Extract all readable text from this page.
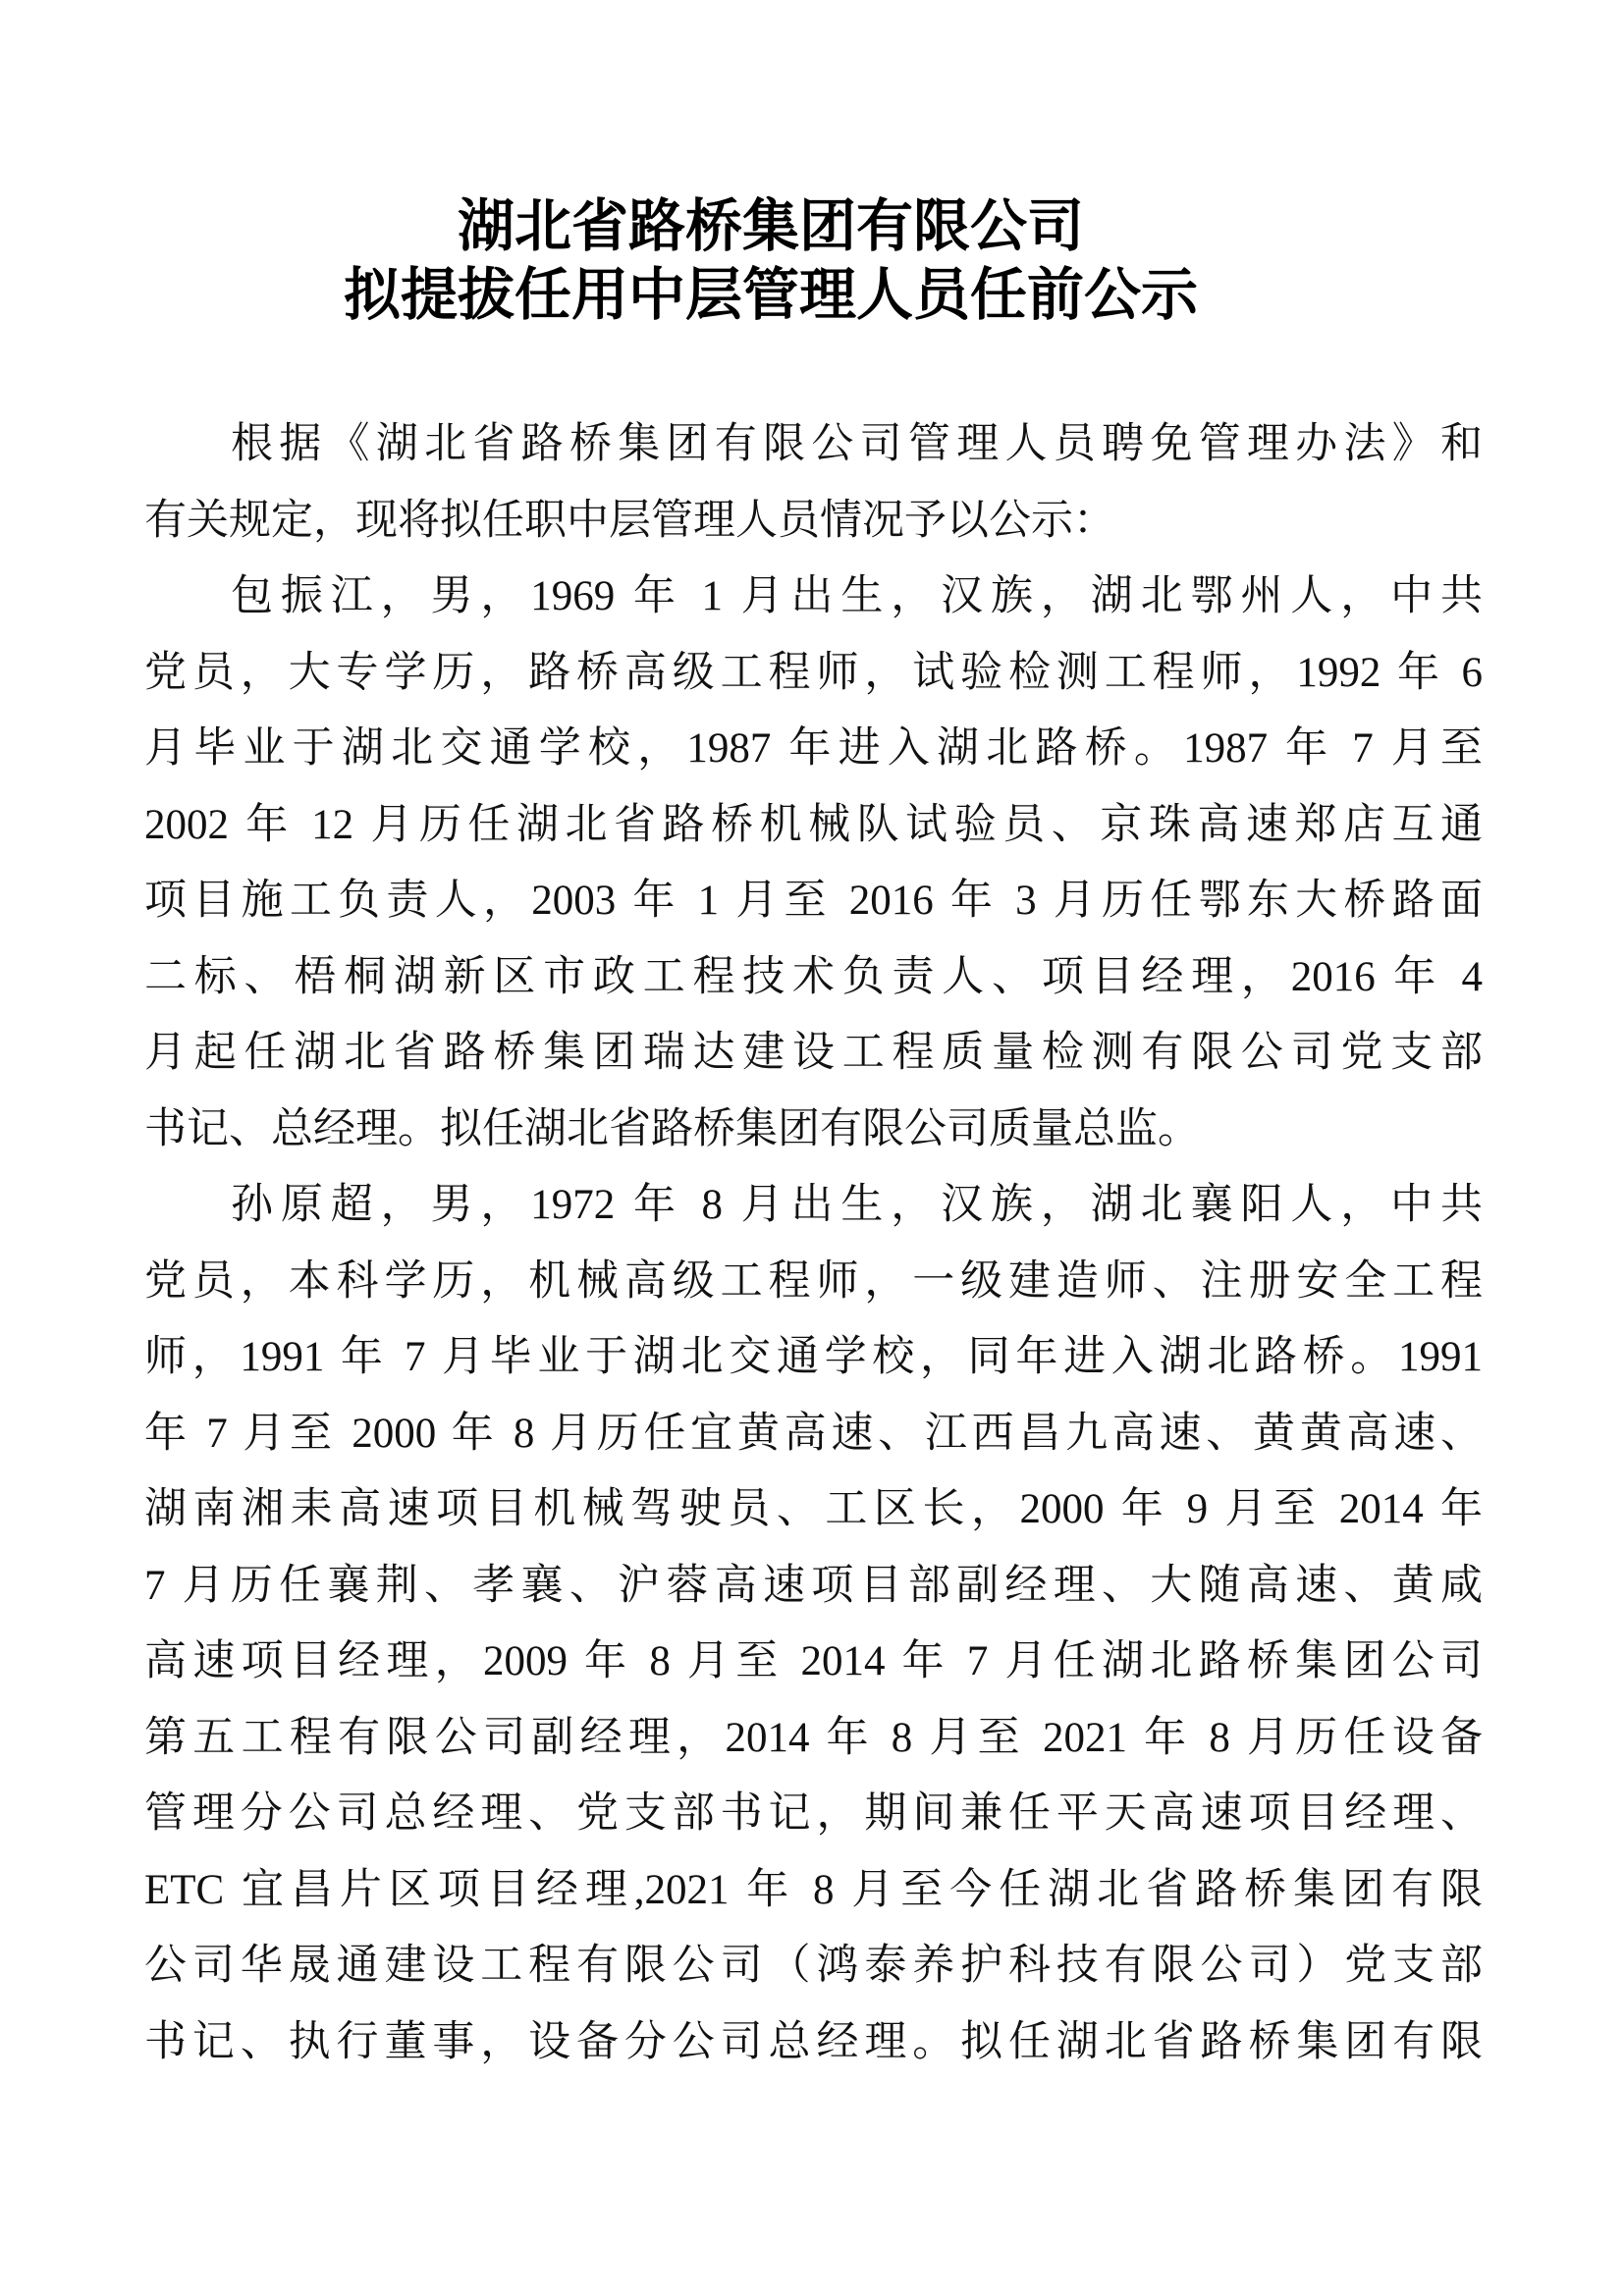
湖北省路桥集团有限公司
拟提拔任用中层管理人员任前公示
根据《湖北省路桥集团有限公司管理人员聘免管理办法》和
有关规定，现将拟任职中层管理人员情况予以公示：
包振江，男，1969 年 1 月出生，汉族，湖北鄂州人，中共
党员，大专学历，路桥高级工程师，试验检测工程师，1992 年 6
月毕业于湖北交通学校，1987 年进入湖北路桥。1987 年 7 月至
2002 年 12 月历任湖北省路桥机械队试验员、京珠高速郑店互通
项目施工负责人，2003 年 1 月至 2016 年 3 月历任鄂东大桥路面
二标、梧桐湖新区市政工程技术负责人、项目经理，2016 年 4
月起任湖北省路桥集团瑞达建设工程质量检测有限公司党支部
书记、总经理。拟任湖北省路桥集团有限公司质量总监。
孙原超，男，1972 年 8 月出生，汉族，湖北襄阳人，中共
党员，本科学历，机械高级工程师，一级建造师、注册安全工程
师，1991 年 7 月毕业于湖北交通学校，同年进入湖北路桥。1991
年 7 月至 2000 年 8 月历任宜黄高速、江西昌九高速、黄黄高速、
湖南湘耒高速项目机械驾驶员、工区长，2000 年 9 月至 2014 年
7 月历任襄荆、孝襄、沪蓉高速项目部副经理、大随高速、黄咸
高速项目经理，2009 年 8 月至 2014 年 7 月任湖北路桥集团公司
第五工程有限公司副经理，2014 年 8 月至 2021 年 8 月历任设备
管理分公司总经理、党支部书记，期间兼任平天高速项目经理、
ETC 宜昌片区项目经理,2021 年 8 月至今任湖北省路桥集团有限
公司华晟通建设工程有限公司（鸿泰养护科技有限公司）党支部
书记、执行董事，设备分公司总经理。拟任湖北省路桥集团有限
